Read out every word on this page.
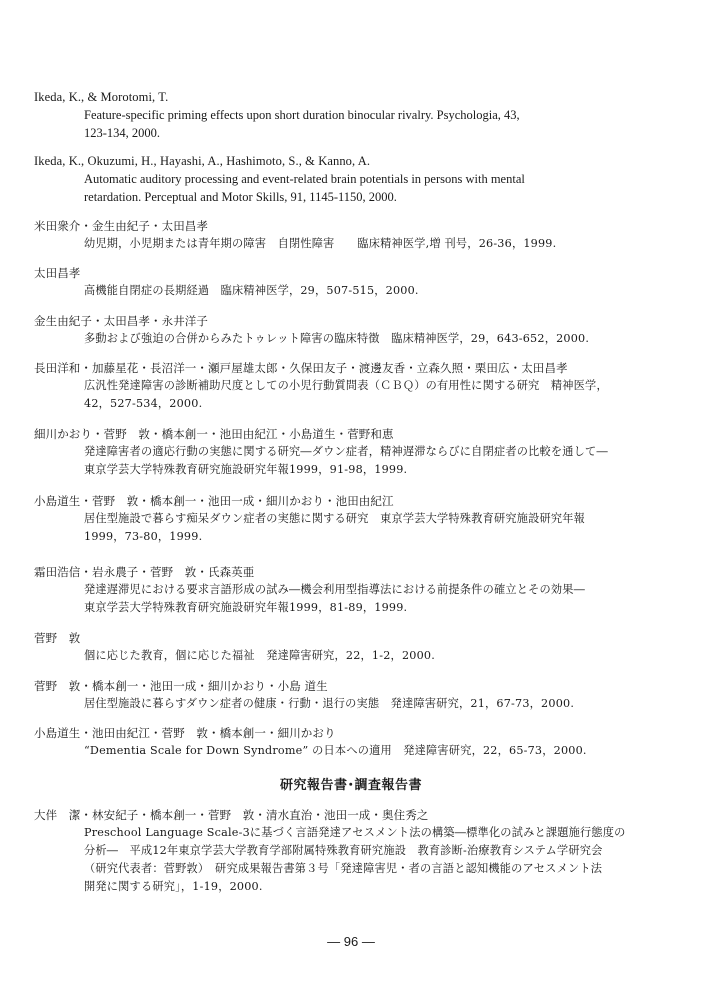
Ikeda, K., & Morotomi, T.
Feature-specific priming effects upon short duration binocular rivalry. Psychologia, 43,
123-134, 2000.
Ikeda, K., Okuzumi, H., Hayashi, A., Hashimoto, S., & Kanno, A.
Automatic auditory processing and event-related brain potentials in persons with mental
retardation. Perceptual and Motor Skills, 91, 1145-1150, 2000.
米田衆介・金生由紀子・太田昌孝
幼児期，小児期または青年期の障害　自閉性障害　　臨床精神医学,増 刊号，26-36，1999.
太田昌孝
高機能自閉症の長期経過　臨床精神医学，29，507-515，2000.
金生由紀子・太田昌孝・永井洋子
多動および強迫の合併からみたトゥレット障害の臨床特徴　臨床精神医学，29，643-652，2000.
長田洋和・加藤星花・長沼洋一・瀬戸屋雄太郎・久保田友子・渡邊友香・立森久照・栗田広・太田昌孝
広汎性発達障害の診断補助尺度としての小児行動質問表（ＣＢＱ）の有用性に関する研究　精神医学，
42，527-534，2000.
細川かおり・菅野　敦・橋本創一・池田由紀江・小島道生・菅野和恵
発達障害者の適応行動の実態に関する研究―ダウン症者，精神遅滞ならびに自閉症者の比較を通して―
東京学芸大学特殊教育研究施設研究年報1999，91-98，1999.
小島道生・菅野　敦・橋本創一・池田一成・細川かおり・池田由紀江
居住型施設で暮らす痴呆ダウン症者の実態に関する研究　東京学芸大学特殊教育研究施設研究年報
1999，73-80，1999.
霜田浩信・岩永農子・菅野　敦・氏森英亜
発達遅滞児における要求言語形成の試み―機会利用型指導法における前提条件の確立とその効果―
東京学芸大学特殊教育研究施設研究年報1999，81-89，1999.
菅野　敦
個に応じた教育，個に応じた福祉　発達障害研究，22，1-2，2000.
菅野　敦・橋本創一・池田一成・細川かおり・小島 道生
居住型施設に暮らすダウン症者の健康・行動・退行の実態　発達障害研究，21，67-73，2000.
小島道生・池田由紀江・菅野　敦・橋本創一・細川かおり
“Dementia Scale for Down Syndrome” の日本への適用　発達障害研究，22，65-73，2000.
研究報告書･調査報告書
大伴　潔・林安紀子・橋本創一・菅野　敦・清水直治・池田一成・奥住秀之
Preschool Language Scale-3に基づく言語発達アセスメント法の構築―標準化の試みと課題施行態度の
分析―　平成12年東京学芸大学教育学部附属特殊教育研究施設　教育診断-治療教育システム学研究会
（研究代表者：菅野敦）　研究成果報告書第３号「発達障害児・者の言語と認知機能のアセスメント法
開発に関する研究」，1-19，2000.
― 96 ―
